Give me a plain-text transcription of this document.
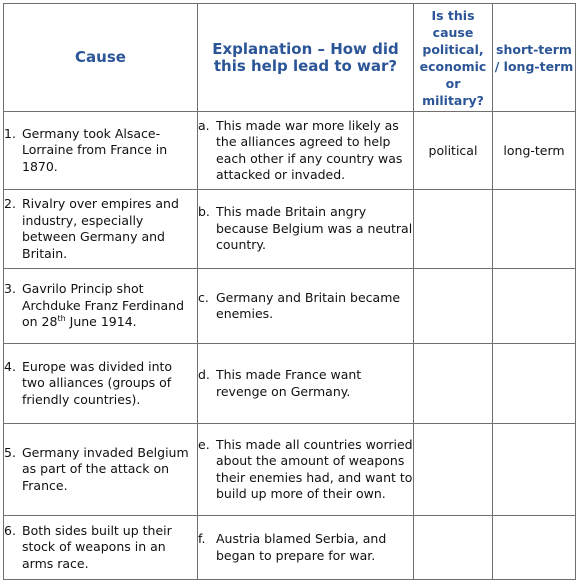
Cause	Explanation – How did this help lead to war?	Is this cause political, economic or military?	short-term / long-term

1. Germany took Alsace-Lorraine from France in 1870.	a. This made war more likely as the alliances agreed to help each other if any country was attacked or invaded.	political	long-term

2. Rivalry over empires and industry, especially between Germany and Britain.	b. This made Britain angry because Belgium was a neutral country.		

3. Gavrilo Princip shot Archduke Franz Ferdinand on 28th June 1914.	c. Germany and Britain became enemies.		

4. Europe was divided into two alliances (groups of friendly countries).	d. This made France want revenge on Germany.		

5. Germany invaded Belgium as part of the attack on France.	e. This made all countries worried about the amount of weapons their enemies had, and want to build up more of their own.		

6. Both sides built up their stock of weapons in an arms race.	f. Austria blamed Serbia, and began to prepare for war.		
